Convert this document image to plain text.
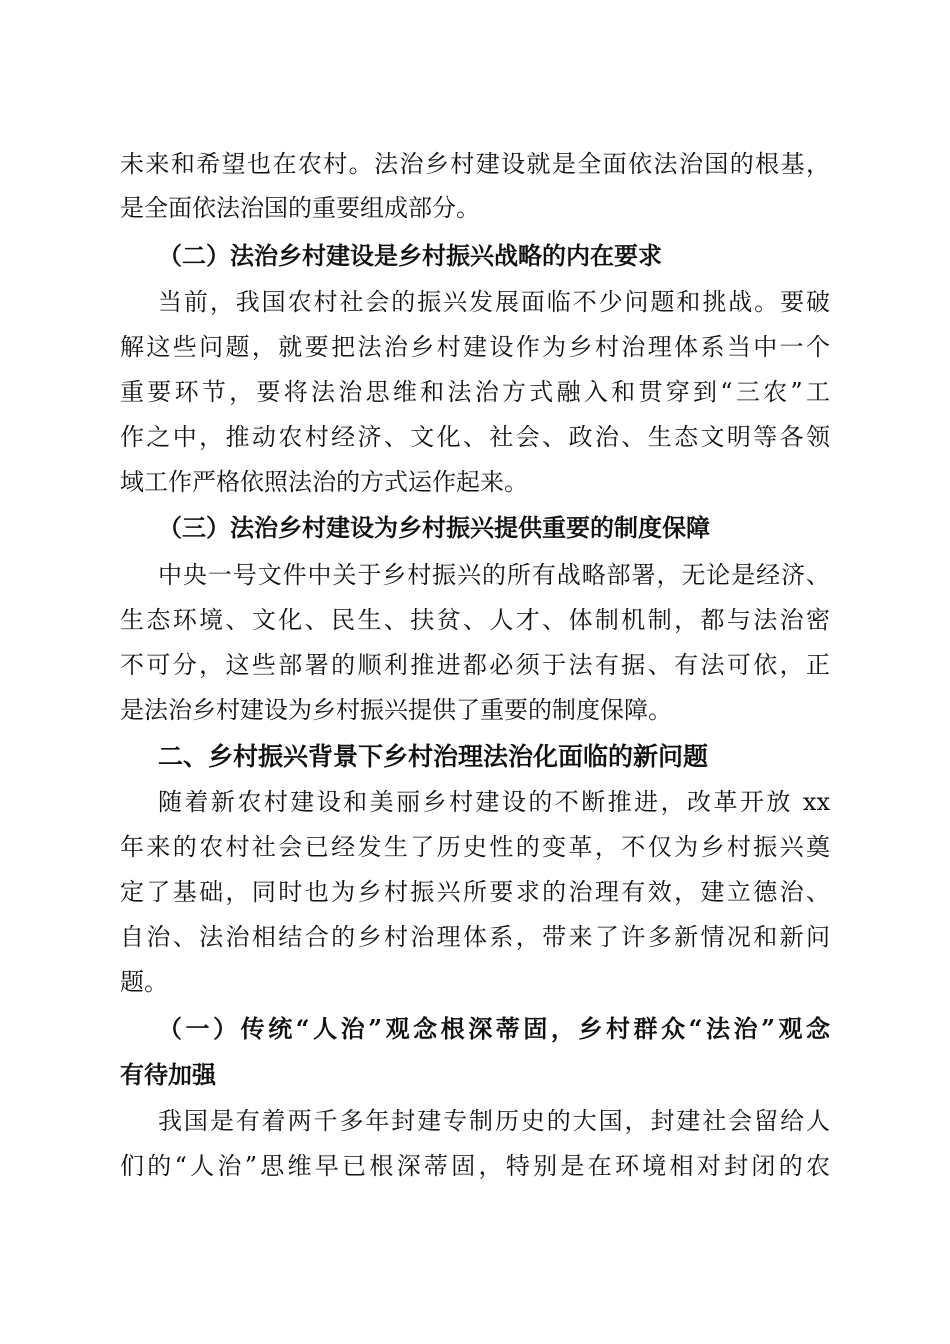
未来和希望也在农村。法治乡村建设就是全面依法治国的根基，
是全面依法治国的重要组成部分。
（二）法治乡村建设是乡村振兴战略的内在要求
当前，我国农村社会的振兴发展面临不少问题和挑战。要破
解这些问题，就要把法治乡村建设作为乡村治理体系当中一个
重要环节，要将法治思维和法治方式融入和贯穿到“三农”工
作之中，推动农村经济、文化、社会、政治、生态文明等各领
域工作严格依照法治的方式运作起来。
（三）法治乡村建设为乡村振兴提供重要的制度保障
中央一号文件中关于乡村振兴的所有战略部署，无论是经济、
生态环境、文化、民生、扶贫、人才、体制机制，都与法治密
不可分，这些部署的顺利推进都必须于法有据、有法可依，正
是法治乡村建设为乡村振兴提供了重要的制度保障。
二、乡村振兴背景下乡村治理法治化面临的新问题
随着新农村建设和美丽乡村建设的不断推进，改革开放 xx
年来的农村社会已经发生了历史性的变革，不仅为乡村振兴奠
定了基础，同时也为乡村振兴所要求的治理有效，建立德治、
自治、法治相结合的乡村治理体系，带来了许多新情况和新问
题。
（一）传统“人治”观念根深蒂固，乡村群众“法治”观念
有待加强
我国是有着两千多年封建专制历史的大国，封建社会留给人
们的“人治”思维早已根深蒂固，特别是在环境相对封闭的农
